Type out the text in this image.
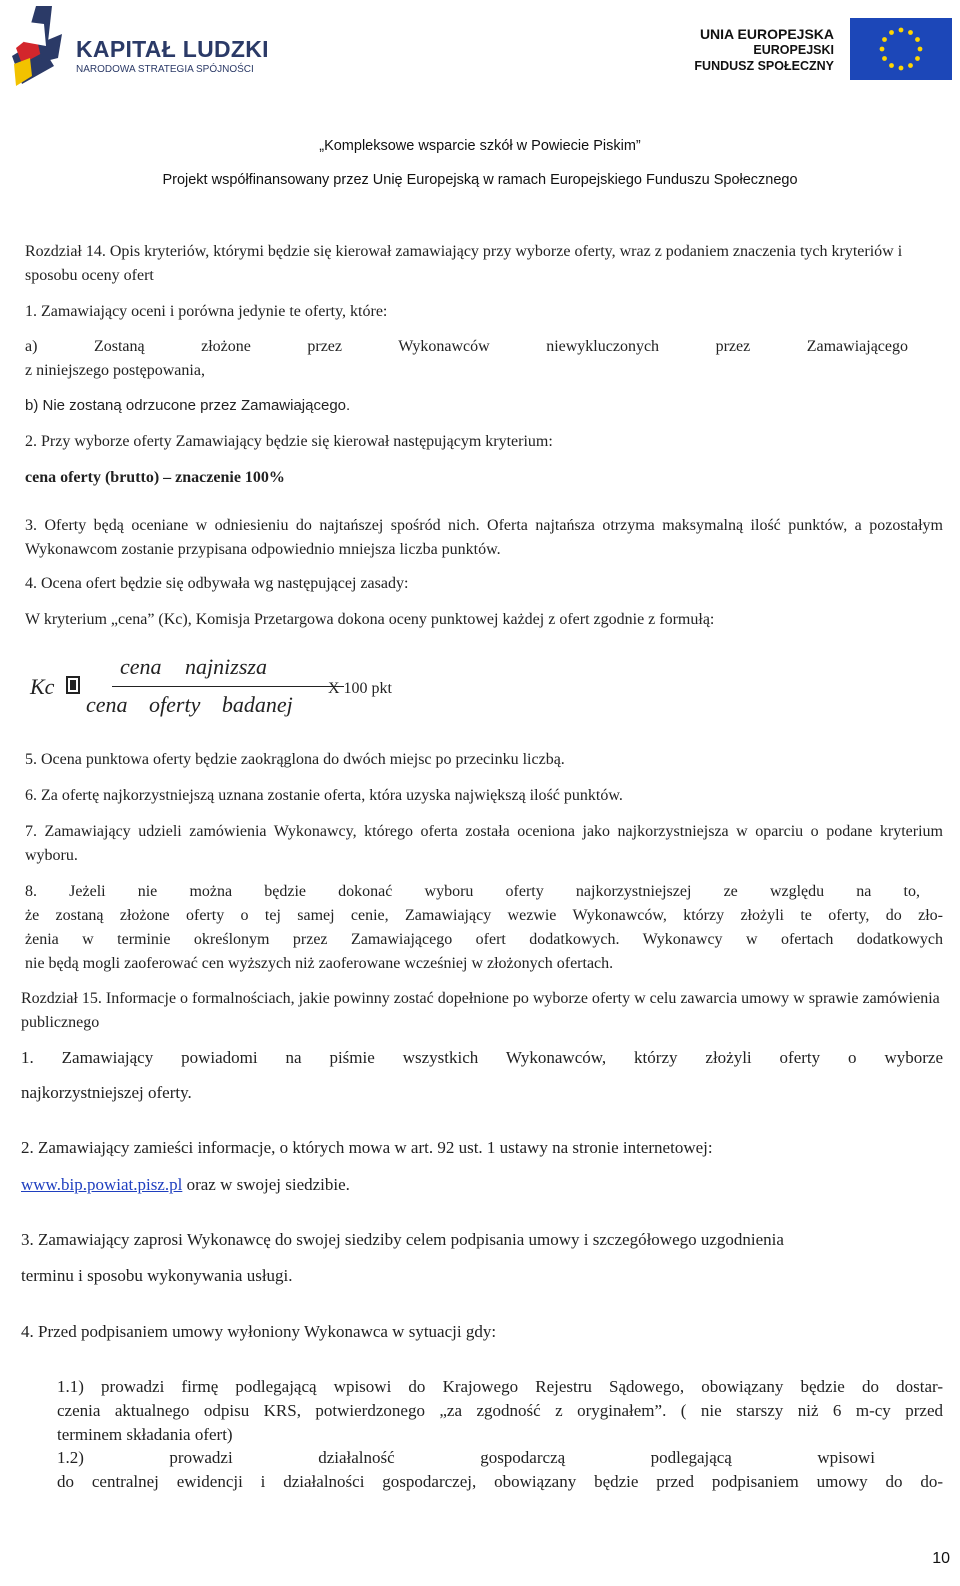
KAPITAŁ LUDZKI
NARODOWA STRATEGIA SPÓJNOŚCI
UNIA EUROPEJSKA
EUROPEJSKI
FUNDUSZ SPOŁECZNY
„Kompleksowe wsparcie szkół w Powiecie Piskim”
Projekt współfinansowany przez Unię Europejską w ramach Europejskiego Funduszu Społecznego
Rozdział 14. Opis kryteriów, którymi będzie się kierował zamawiający przy wyborze oferty, wraz z podaniem znaczenia tych kryteriów i sposobu oceny ofert
1. Zamawiający oceni i porówna jedynie te oferty, które:
a) Zostaną złożone przez Wykonawców niewykluczonych przez Zamawiającego
z niniejszego postępowania,
b) Nie zostaną odrzucone przez Zamawiającego.
2. Przy wyborze oferty Zamawiający będzie się kierował następującym kryterium:
cena oferty (brutto) – znaczenie 100%
3. Oferty będą oceniane w odniesieniu do najtańszej spośród nich. Oferta najtańsza otrzyma maksymalną ilość punktów, a pozostałym Wykonawcom zostanie przypisana odpowiednio mniejsza liczba punktów.
4. Ocena ofert będzie się odbywała wg następującej zasady:
W kryterium „cena” (Kc), Komisja Przetargowa dokona oceny punktowej każdej z ofert zgodnie z formułą:
Kc
cena najnizsza
cena oferty badanej
X 100 pkt
5. Ocena punktowa oferty będzie zaokrąglona do dwóch miejsc po przecinku liczbą.
6. Za ofertę najkorzystniejszą uznana zostanie oferta, która uzyska największą ilość punktów.
7. Zamawiający udzieli zamówienia Wykonawcy, którego oferta została oceniona jako najkorzystniejsza w oparciu o podane kryterium wyboru.
8. Jeżeli nie można będzie dokonać wyboru oferty najkorzystniejszej ze względu na to,
że zostaną złożone oferty o tej samej cenie, Zamawiający wezwie Wykonawców, którzy złożyli te oferty, do zło-
żenia w terminie określonym przez Zamawiającego ofert dodatkowych. Wykonawcy w ofertach dodatkowych
nie będą mogli zaoferować cen wyższych niż zaoferowane wcześniej w złożonych ofertach.
Rozdział 15. Informacje o formalnościach, jakie powinny zostać dopełnione po wyborze oferty w celu zawarcia umowy w sprawie zamówienia publicznego
1. Zamawiający powiadomi na piśmie wszystkich Wykonawców, którzy złożyli oferty o wyborze
najkorzystniejszej oferty.
2. Zamawiający zamieści informacje, o których mowa w art. 92 ust. 1 ustawy na stronie internetowej:
www.bip.powiat.pisz.pl oraz w swojej siedzibie.
3. Zamawiający zaprosi Wykonawcę do swojej siedziby celem podpisania umowy i szczegółowego uzgodnienia
terminu i sposobu wykonywania usługi.
4. Przed podpisaniem umowy wyłoniony Wykonawca w sytuacji gdy:
1.1) prowadzi firmę podlegającą wpisowi do Krajowego Rejestru Sądowego, obowiązany będzie do dostar-
czenia aktualnego odpisu KRS, potwierdzonego „za zgodność z oryginałem”. ( nie starszy niż 6 m-cy przed
terminem składania ofert)
1.2) prowadzi działalność gospodarczą podlegającą wpisowi
do centralnej ewidencji i działalności gospodarczej, obowiązany będzie przed podpisaniem umowy do do-
10
